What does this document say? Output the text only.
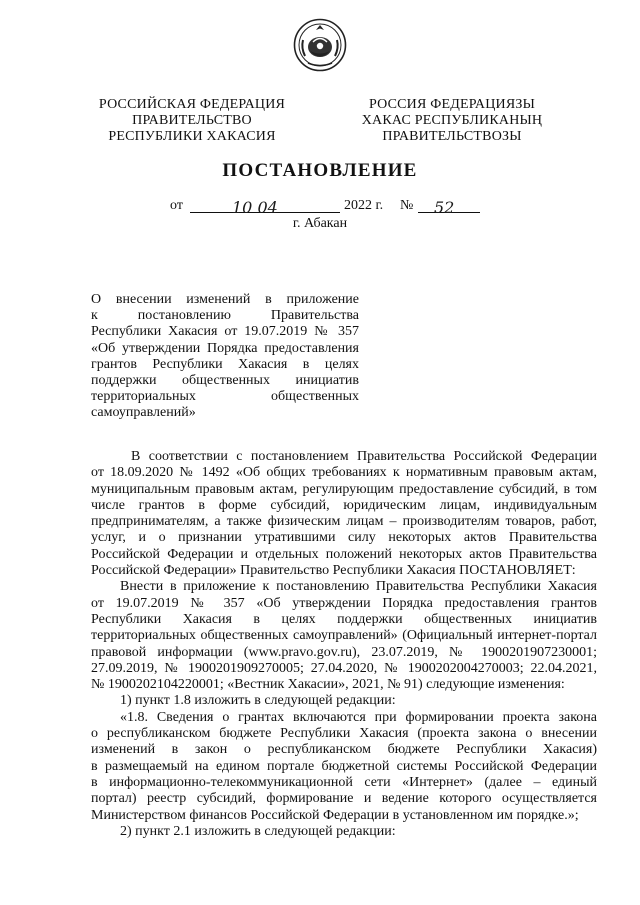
РОССИЙСКАЯ ФЕДЕРАЦИЯ
ПРАВИТЕЛЬСТВО
РЕСПУБЛИКИ ХАКАСИЯ
РОССИЯ ФЕДЕРАЦИЯЗЫ
ХАКАС РЕСПУБЛИКАНЫҢ
ПРАВИТЕЛЬСТВОЗЫ
ПОСТАНОВЛЕНИЕ
от	10 04	2022 г. № 52
г. Абакан
О внесении изменений в приложение
к постановлению Правительства
Республики Хакасия от 19.07.2019 № 357
«Об утверждении Порядка предоставления
грантов Республики Хакасия в целях
поддержки общественных инициатив
территориальных общественных
самоуправлений»
В соответствии с постановлением Правительства Российской Федерации
от 18.09.2020 № 1492 «Об общих требованиях к нормативным правовым актам,
муниципальным правовым актам, регулирующим предоставление субсидий, в том
числе грантов в форме субсидий, юридическим лицам, индивидуальным
предпринимателям, а также физическим лицам – производителям товаров, работ,
услуг, и о признании утратившими силу некоторых актов Правительства
Российской Федерации и отдельных положений некоторых актов Правительства
Российской Федерации» Правительство Республики Хакасия ПОСТАНОВЛЯЕТ:
Внести в приложение к постановлению Правительства Республики Хакасия
от 19.07.2019 № 357 «Об утверждении Порядка предоставления грантов
Республики Хакасия в целях поддержки общественных инициатив
территориальных общественных самоуправлений» (Официальный интернет-портал
правовой информации (www.pravo.gov.ru), 23.07.2019, № 1900201907230001;
27.09.2019, № 1900201909270005; 27.04.2020, № 1900202004270003; 22.04.2021,
№ 1900202104220001; «Вестник Хакасии», 2021, № 91) следующие изменения:
1) пункт 1.8 изложить в следующей редакции:
«1.8. Сведения о грантах включаются при формировании проекта закона
о республиканском бюджете Республики Хакасия (проекта закона о внесении
изменений в закон о республиканском бюджете Республики Хакасия)
в размещаемый на едином портале бюджетной системы Российской Федерации
в информационно-телекоммуникационной сети «Интернет» (далее – единый
портал) реестр субсидий, формирование и ведение которого осуществляется
Министерством финансов Российской Федерации в установленном им порядке.»;
2) пункт 2.1 изложить в следующей редакции:
